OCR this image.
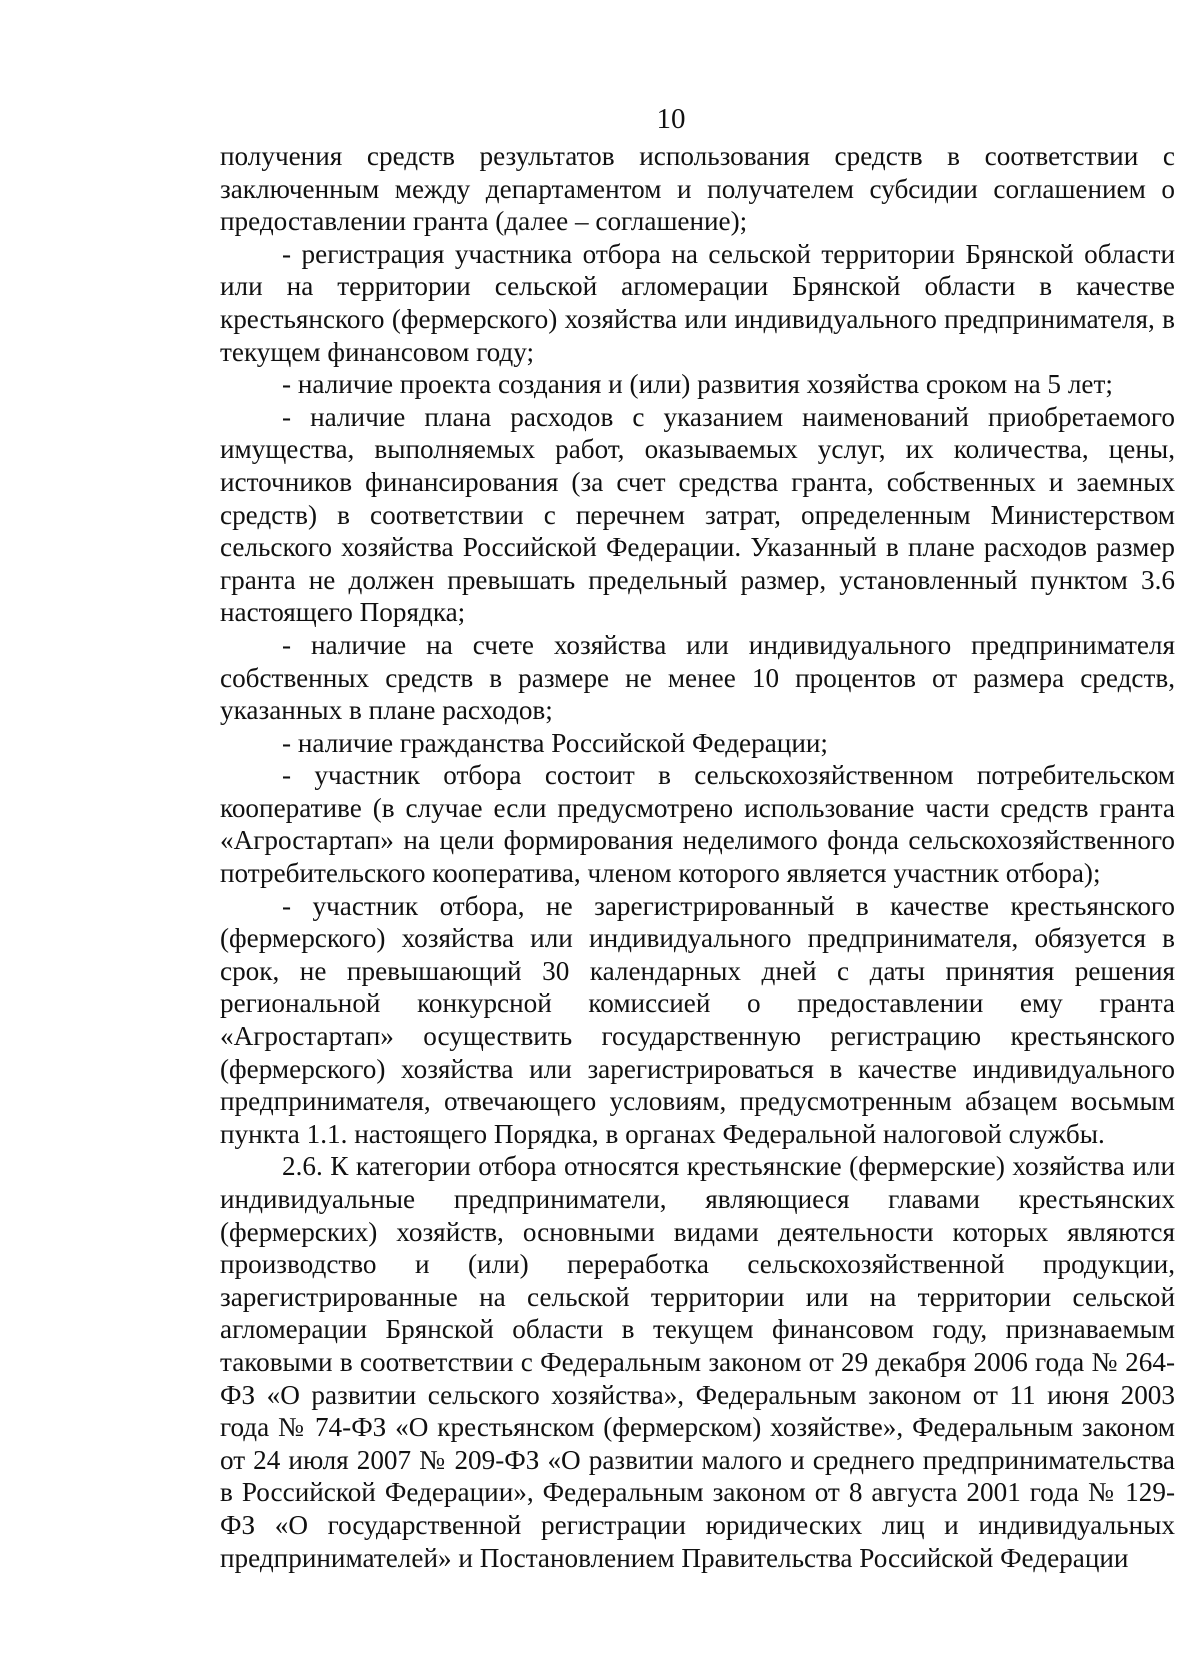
10

получения средств результатов использования средств в соответствии с заключенным между департаментом и получателем субсидии соглашением о предоставлении гранта (далее – соглашение);

- регистрация участника отбора на сельской территории Брянской области или на территории сельской агломерации Брянской области в качестве крестьянского (фермерского) хозяйства или индивидуального предпринимателя, в текущем финансовом году;

- наличие проекта создания и (или) развития хозяйства сроком на 5 лет;

- наличие плана расходов с указанием наименований приобретаемого имущества, выполняемых работ, оказываемых услуг, их количества, цены, источников финансирования (за счет средства гранта, собственных и заемных средств) в соответствии с перечнем затрат, определенным Министерством сельского хозяйства Российской Федерации. Указанный в плане расходов размер гранта не должен превышать предельный размер, установленный пунктом 3.6 настоящего Порядка;

- наличие на счете хозяйства или индивидуального предпринимателя собственных средств в размере не менее 10 процентов от размера средств, указанных в плане расходов;

- наличие гражданства Российской Федерации;

- участник отбора состоит в сельскохозяйственном потребительском кооперативе (в случае если предусмотрено использование части средств гранта «Агростартап» на цели формирования неделимого фонда сельскохозяйственного потребительского кооператива, членом которого является участник отбора);

- участник отбора, не зарегистрированный в качестве крестьянского (фермерского) хозяйства или индивидуального предпринимателя, обязуется в срок, не превышающий 30 календарных дней с даты принятия решения региональной конкурсной комиссией о предоставлении ему гранта «Агростартап» осуществить государственную регистрацию крестьянского (фермерского) хозяйства или зарегистрироваться в качестве индивидуального предпринимателя, отвечающего условиям, предусмотренным абзацем восьмым пункта 1.1. настоящего Порядка, в органах Федеральной налоговой службы.

2.6. К категории отбора относятся крестьянские (фермерские) хозяйства или индивидуальные предприниматели, являющиеся главами крестьянских (фермерских) хозяйств, основными видами деятельности которых являются производство и (или) переработка сельскохозяйственной продукции, зарегистрированные на сельской территории или на территории сельской агломерации Брянской области в текущем финансовом году, признаваемым таковыми в соответствии с Федеральным законом от 29 декабря 2006 года № 264-ФЗ «О развитии сельского хозяйства», Федеральным законом от 11 июня 2003 года № 74-ФЗ «О крестьянском (фермерском) хозяйстве», Федеральным законом от 24 июля 2007 № 209-ФЗ «О развитии малого и среднего предпринимательства в Российской Федерации», Федеральным законом от 8 августа 2001 года № 129-ФЗ «О государственной регистрации юридических лиц и индивидуальных предпринимателей» и Постановлением Правительства Российской Федерации
